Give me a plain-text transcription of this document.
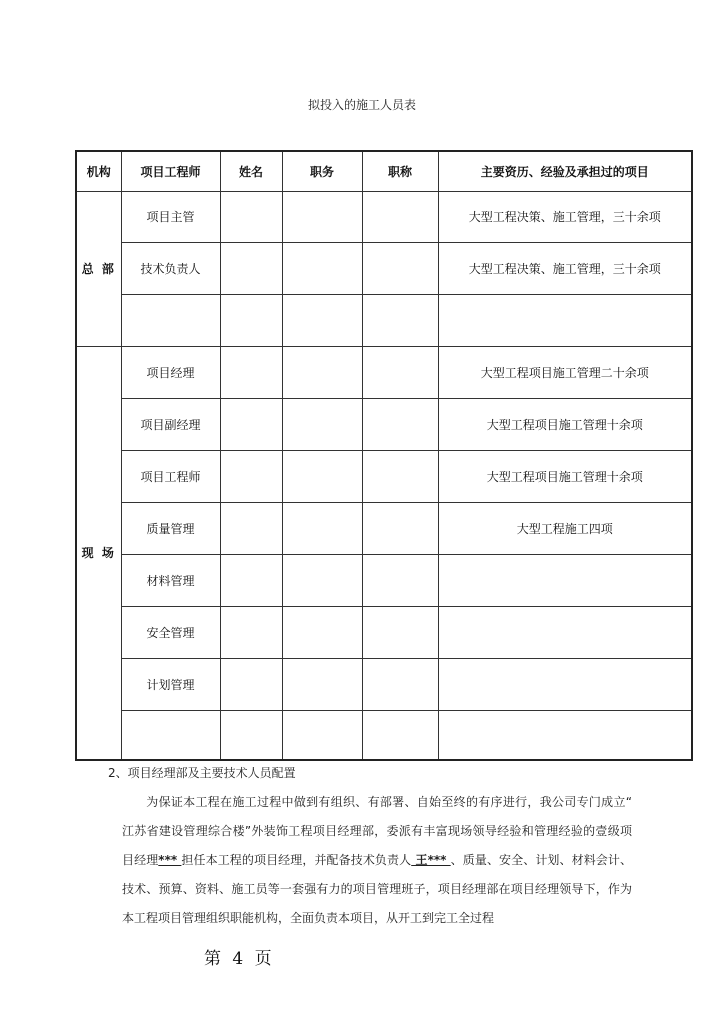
拟投入的施工人员表
机构	项目工程师	姓名	职务	职称	主要资历、经验及承担过的项目
总 部	项目主管				大型工程决策、施工管理，三十余项
	技术负责人				大型工程决策、施工管理，三十余项

现 场	项目经理				大型工程项目施工管理二十余项
	项目副经理				大型工程项目施工管理十余项
	项目工程师				大型工程项目施工管理十余项
	质量管理				大型工程施工四项
	材料管理				
	安全管理				
	计划管理				

2、项目经理部及主要技术人员配置
为保证本工程在施工过程中做到有组织、有部署、自始至终的有序进行，我公司专门成立“ 江苏省建设管理综合楼”外装饰工程项目经理部，委派有丰富现场领导经验和管理经验的壹级项目经理*** 担任本工程的项目经理，并配备技术负责人 王*** 、质量、安全、计划、材料会计、技术、预算、资料、施工员等一套强有力的项目管理班子，项目经理部在项目经理领导下，作为本工程项目管理组织职能机构，全面负责本项目，从开工到完工全过程
第 4 页
